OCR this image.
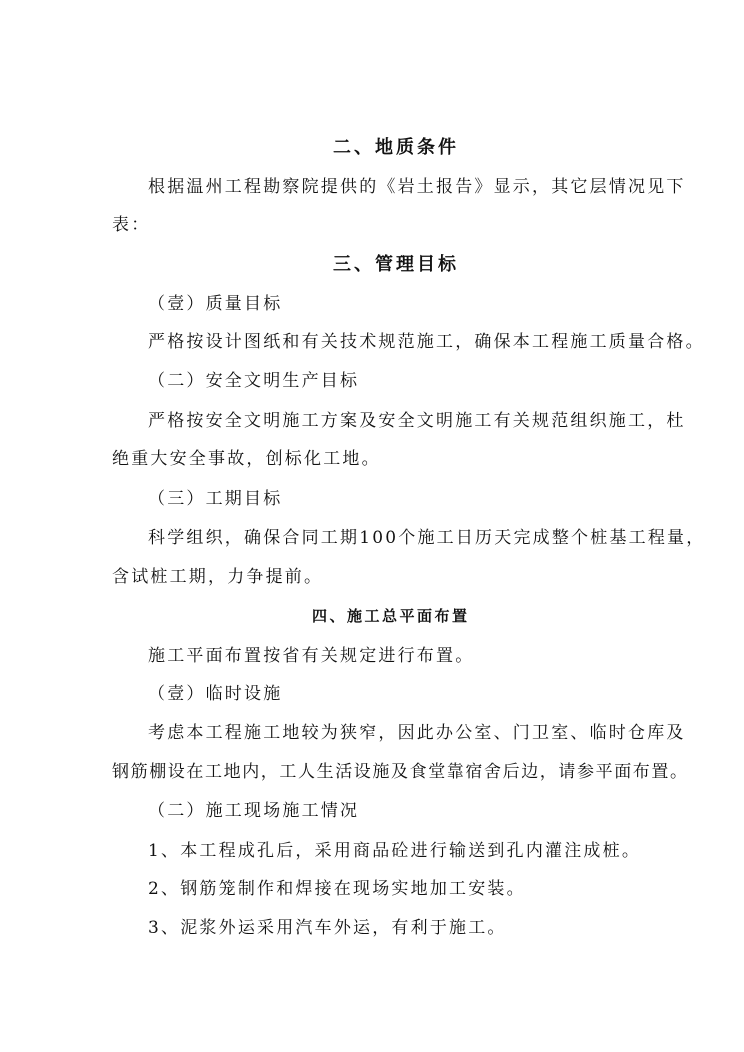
二、地质条件
根据温州工程勘察院提供的《岩土报告》显示，其它层情况见下
表：
三、管理目标
（壹）质量目标
严格按设计图纸和有关技术规范施工，确保本工程施工质量合格。
（二）安全文明生产目标
严格按安全文明施工方案及安全文明施工有关规范组织施工，杜
绝重大安全事故，创标化工地。
（三）工期目标
科学组织，确保合同工期100个施工日历天完成整个桩基工程量，
含试桩工期，力争提前。
四、施工总平面布置
施工平面布置按省有关规定进行布置。
（壹）临时设施
考虑本工程施工地较为狭窄，因此办公室、门卫室、临时仓库及
钢筋棚设在工地内，工人生活设施及食堂靠宿舍后边，请参平面布置。
（二）施工现场施工情况
1、本工程成孔后，采用商品砼进行输送到孔内灌注成桩。
2、钢筋笼制作和焊接在现场实地加工安装。
3、泥浆外运采用汽车外运，有利于施工。
